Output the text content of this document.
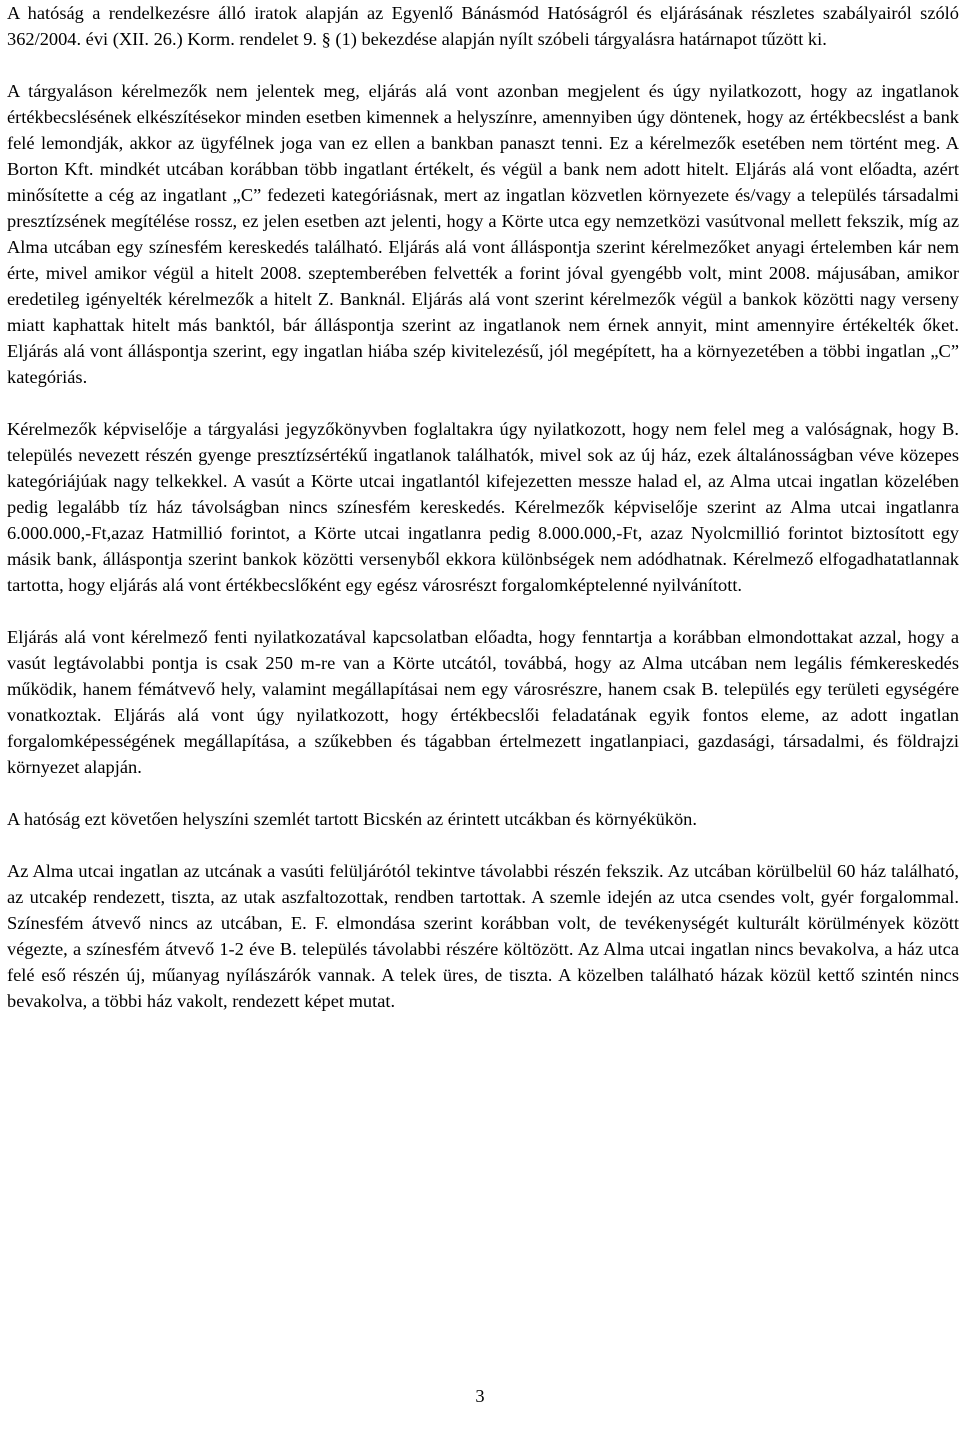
A hatóság a rendelkezésre álló iratok alapján az Egyenlő Bánásmód Hatóságról és eljárásának részletes szabályairól szóló 362/2004. évi (XII. 26.) Korm. rendelet 9. § (1) bekezdése alapján nyílt szóbeli tárgyalásra határnapot tűzött ki.

A tárgyaláson kérelmezők nem jelentek meg, eljárás alá vont azonban megjelent és úgy nyilatkozott, hogy az ingatlanok értékbecslésének elkészítésekor minden esetben kimennek a helyszínre, amennyiben úgy döntenek, hogy az értékbecslést a bank felé lemondják, akkor az ügyfélnek joga van ez ellen a bankban panaszt tenni. Ez a kérelmezők esetében nem történt meg. A Borton Kft. mindkét utcában korábban több ingatlant értékelt, és végül a bank nem adott hitelt. Eljárás alá vont előadta, azért minősítette a cég az ingatlant „C” fedezeti kategóriásnak, mert az ingatlan közvetlen környezete és/vagy a település társadalmi presztízsének megítélése rossz, ez jelen esetben azt jelenti, hogy a Körte utca egy nemzetközi vasútvonal mellett fekszik, míg az Alma utcában egy színesfém kereskedés található. Eljárás alá vont álláspontja szerint kérelmezőket anyagi értelemben kár nem érte, mivel amikor végül a hitelt 2008. szeptemberében felvették a forint jóval gyengébb volt, mint 2008. májusában, amikor eredetileg igényelték kérelmezők a hitelt Z. Banknál. Eljárás alá vont szerint kérelmezők végül a bankok közötti nagy verseny miatt kaphattak hitelt más banktól, bár álláspontja szerint az ingatlanok nem érnek annyit, mint amennyire értékelték őket. Eljárás alá vont álláspontja szerint, egy ingatlan hiába szép kivitelezésű, jól megépített, ha a környezetében a többi ingatlan „C” kategóriás.

Kérelmezők képviselője a tárgyalási jegyzőkönyvben foglaltakra úgy nyilatkozott, hogy nem felel meg a valóságnak, hogy B. település nevezett részén gyenge presztízsértékű ingatlanok találhatók, mivel sok az új ház, ezek általánosságban véve közepes kategóriájúak nagy telkekkel. A vasút a Körte utcai ingatlantól kifejezetten messze halad el, az Alma utcai ingatlan közelében pedig legalább tíz ház távolságban nincs színesfém kereskedés. Kérelmezők képviselője szerint az Alma utcai ingatlanra 6.000.000,-Ft,azaz Hatmillió forintot, a Körte utcai ingatlanra pedig 8.000.000,-Ft, azaz Nyolcmillió forintot biztosított egy másik bank, álláspontja szerint bankok közötti versenyből ekkora különbségek nem adódhatnak. Kérelmező elfogadhatatlannak tartotta, hogy eljárás alá vont értékbecslőként egy egész városrészt forgalomképtelenné nyilvánított.

Eljárás alá vont kérelmező fenti nyilatkozatával kapcsolatban előadta, hogy fenntartja a korábban elmondottakat azzal, hogy a vasút legtávolabbi pontja is csak 250 m-re van a Körte utcától, továbbá, hogy az Alma utcában nem legális fémkereskedés működik, hanem fémátvevő hely, valamint megállapításai nem egy városrészre, hanem csak B. település egy területi egységére vonatkoztak. Eljárás alá vont úgy nyilatkozott, hogy értékbecslői feladatának egyik fontos eleme, az adott ingatlan forgalomképességének megállapítása, a szűkebben és tágabban értelmezett ingatlanpiaci, gazdasági, társadalmi, és földrajzi környezet alapján.

A hatóság ezt követően helyszíni szemlét tartott Bicskén az érintett utcákban és környékükön.

Az Alma utcai ingatlan az utcának a vasúti felüljárótól tekintve távolabbi részén fekszik. Az utcában körülbelül 60 ház található, az utcakép rendezett, tiszta, az utak aszfaltozottak, rendben tartottak. A szemle idején az utca csendes volt, gyér forgalommal. Színesfém átvevő nincs az utcában, E. F. elmondása szerint korábban volt, de tevékenységét kulturált körülmények között végezte, a színesfém átvevő 1-2 éve B. település távolabbi részére költözött. Az Alma utcai ingatlan nincs bevakolva, a ház utca felé eső részén új, műanyag nyílászárók vannak. A telek üres, de tiszta. A közelben található házak közül kettő szintén nincs bevakolva, a többi ház vakolt, rendezett képet mutat.

3
